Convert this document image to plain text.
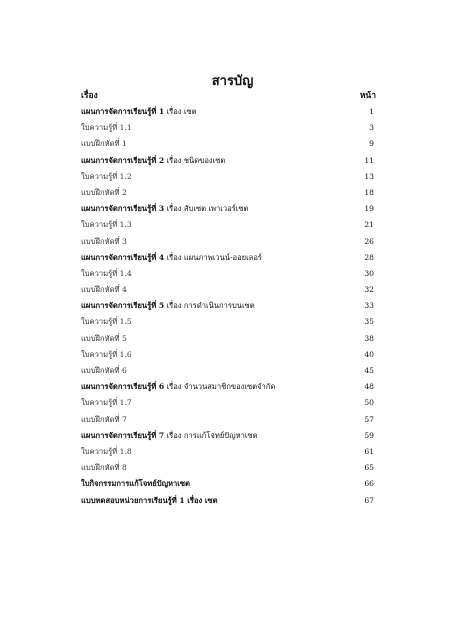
สารบัญ
เรื่อง	หน้า
แผนการจัดการเรียนรู้ที่ 1 เรื่อง เซต	1
ใบความรู้ที่ 1.1	3
แบบฝึกหัดที่ 1	9
แผนการจัดการเรียนรู้ที่ 2 เรื่อง ชนิดของเซต	11
ใบความรู้ที่ 1.2	13
แบบฝึกหัดที่ 2	18
แผนการจัดการเรียนรู้ที่ 3 เรื่อง สับเซต เพาเวอร์เซต	19
ใบความรู้ที่ 1.3	21
แบบฝึกหัดที่ 3	26
แผนการจัดการเรียนรู้ที่ 4 เรื่อง แผนภาพเวนน์-ออยเลอร์	28
ใบความรู้ที่ 1.4	30
แบบฝึกหัดที่ 4	32
แผนการจัดการเรียนรู้ที่ 5 เรื่อง การดำเนินการบนเซต	33
ใบความรู้ที่ 1.5	35
แบบฝึกหัดที่ 5	38
ใบความรู้ที่ 1.6	40
แบบฝึกหัดที่ 6	45
แผนการจัดการเรียนรู้ที่ 6 เรื่อง จำนวนสมาชิกของเซตจำกัด	48
ใบความรู้ที่ 1.7	50
แบบฝึกหัดที่ 7	57
แผนการจัดการเรียนรู้ที่ 7 เรื่อง การแก้โจทย์ปัญหาเซต	59
ใบความรู้ที่ 1.8	61
แบบฝึกหัดที่ 8	65
ใบกิจกรรมการแก้โจทย์ปัญหาเซต	66
แบบทดสอบหน่วยการเรียนรู้ที่ 1 เรื่อง เซต	67
